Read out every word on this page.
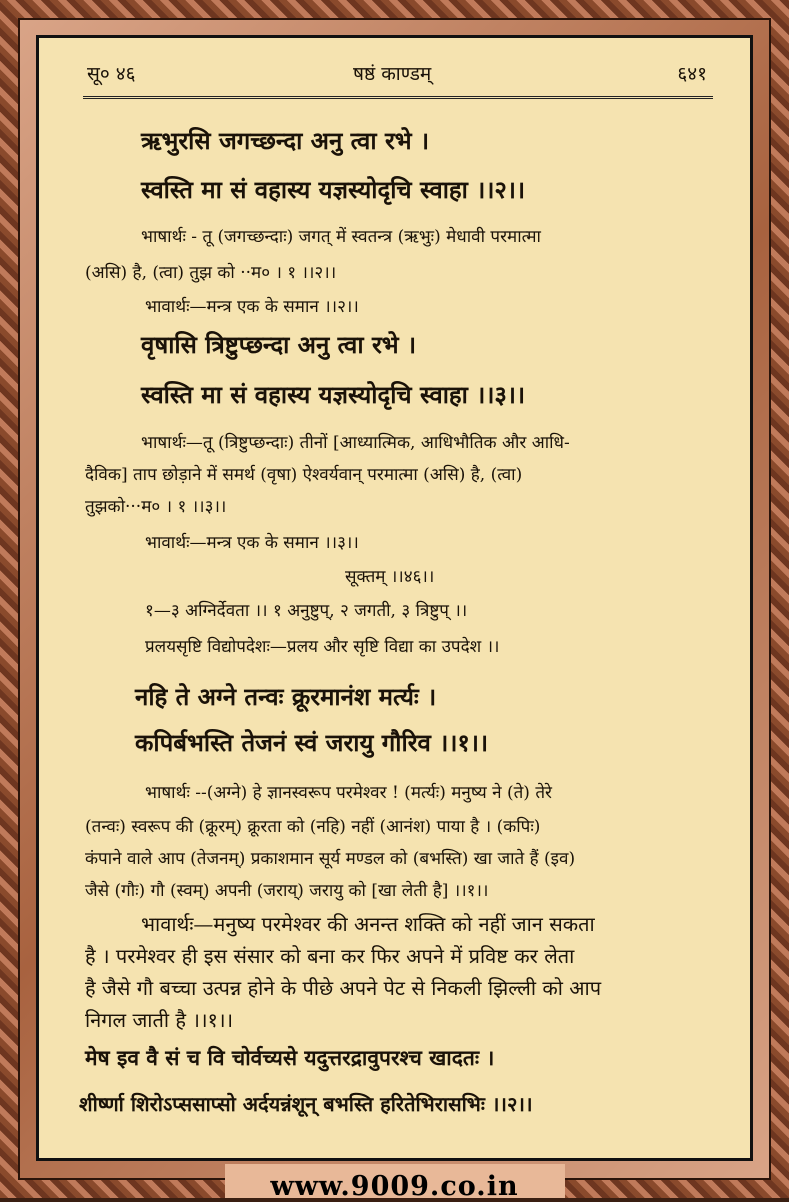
सू० ४६	षष्ठं काण्डम्	६४१
ऋभुरसि जगच्छन्दा अनु त्वा रभे ।
स्वस्ति मा सं वहास्य यज्ञस्योदृचि स्वाहा ।।२।।
भाषार्थः - तू (जगच्छन्दाः) जगत् में स्वतन्त्र (ऋभुः) मेधावी परमात्मा
(असि) है, (त्वा) तुझ को ··म० । १ ।।२।।
भावार्थः—मन्त्र एक के समान ।।२।।
वृषासि त्रिष्टुप्छन्दा अनु त्वा रभे ।
स्वस्ति मा सं वहास्य यज्ञस्योदृचि स्वाहा ।।३।।
भाषार्थः—तू (त्रिष्टुप्छन्दाः) तीनों [आध्यात्मिक, आधिभौतिक और आधि-
दैविक] ताप छोड़ाने में समर्थ (वृषा) ऐश्वर्यवान् परमात्मा (असि) है, (त्वा)
तुझको···म० । १ ।।३।।
भावार्थः—मन्त्र एक के समान ।।३।।
सूक्तम् ।।४६।।
१—३ अग्निर्देवता ।। १ अनुष्टुप्, २ जगती, ३ त्रिष्टुप् ।।
प्रलयसृष्टि विद्योपदेशः—प्रलय और सृष्टि विद्या का उपदेश ।।
नहि ते अग्ने तन्वः क्रूरमानंश मर्त्यः ।
कपिर्बभस्ति तेजनं स्वं जरायु गौरिव ।।१।।
भाषार्थः --(अग्ने) हे ज्ञानस्वरूप परमेश्वर ! (मर्त्यः) मनुष्य ने (ते) तेरे
(तन्वः) स्वरूप की (क्रूरम्) क्रूरता को (नहि) नहीं (आनंश) पाया है । (कपिः)
कंपाने वाले आप (तेजनम्) प्रकाशमान सूर्य मण्डल को (बभस्ति) खा जाते हैं (इव)
जैसे (गौः) गौ (स्वम्) अपनी (जराय्) जरायु को [खा लेती है] ।।१।।
भावार्थः—मनुष्य परमेश्वर की अनन्त शक्ति को नहीं जान सकता
है । परमेश्वर ही इस संसार को बना कर फिर अपने में प्रविष्ट कर लेता
है जैसे गौ बच्चा उत्पन्न होने के पीछे अपने पेट से निकली झिल्ली को आप
निगल जाती है ।।१।।
मेष इव वै सं च वि चोर्वच्यसे यदुत्तरद्रावुपरश्च खादतः ।
शीर्ष्णा शिरोऽप्ससाप्सो अर्दयन्नंशून् बभस्ति हरितेभिरासभिः ।।२।।
www.9009.co.in
